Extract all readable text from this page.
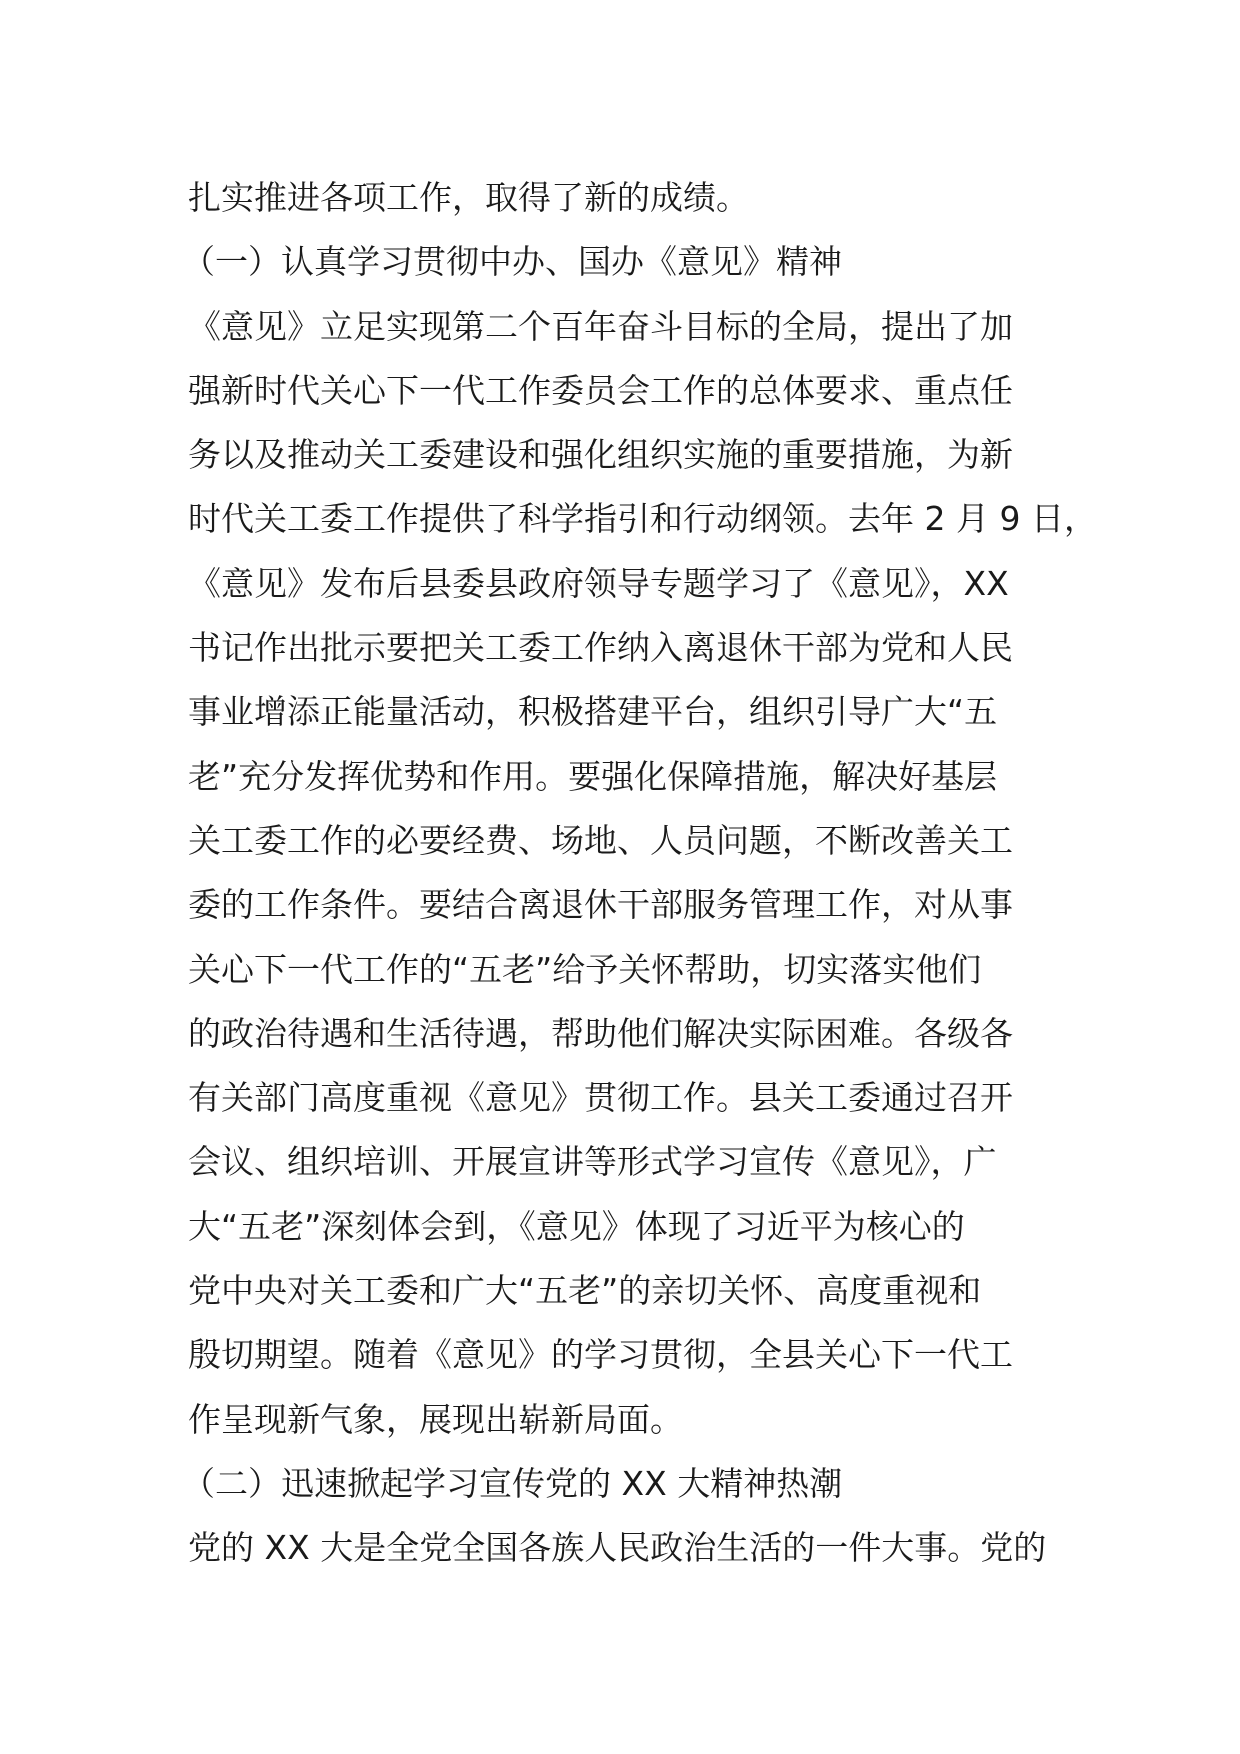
扎实推进各项工作，取得了新的成绩。
（一）认真学习贯彻中办、国办《意见》精神
《意见》立足实现第二个百年奋斗目标的全局，提出了加
强新时代关心下一代工作委员会工作的总体要求、重点任
务以及推动关工委建设和强化组织实施的重要措施，为新
时代关工委工作提供了科学指引和行动纲领。去年 2 月 9 日，
《意见》发布后县委县政府领导专题学习了《意见》，XX
书记作出批示要把关工委工作纳入离退休干部为党和人民
事业增添正能量活动，积极搭建平台，组织引导广大“五
老”充分发挥优势和作用。要强化保障措施，解决好基层
关工委工作的必要经费、场地、人员问题，不断改善关工
委的工作条件。要结合离退休干部服务管理工作，对从事
关心下一代工作的“五老”给予关怀帮助，切实落实他们
的政治待遇和生活待遇，帮助他们解决实际困难。各级各
有关部门高度重视《意见》贯彻工作。县关工委通过召开
会议、组织培训、开展宣讲等形式学习宣传《意见》，广
大“五老”深刻体会到，《意见》体现了习近平为核心的
党中央对关工委和广大“五老”的亲切关怀、高度重视和
殷切期望。随着《意见》的学习贯彻，全县关心下一代工
作呈现新气象，展现出崭新局面。
（二）迅速掀起学习宣传党的 XX 大精神热潮
党的 XX 大是全党全国各族人民政治生活的一件大事。党的
